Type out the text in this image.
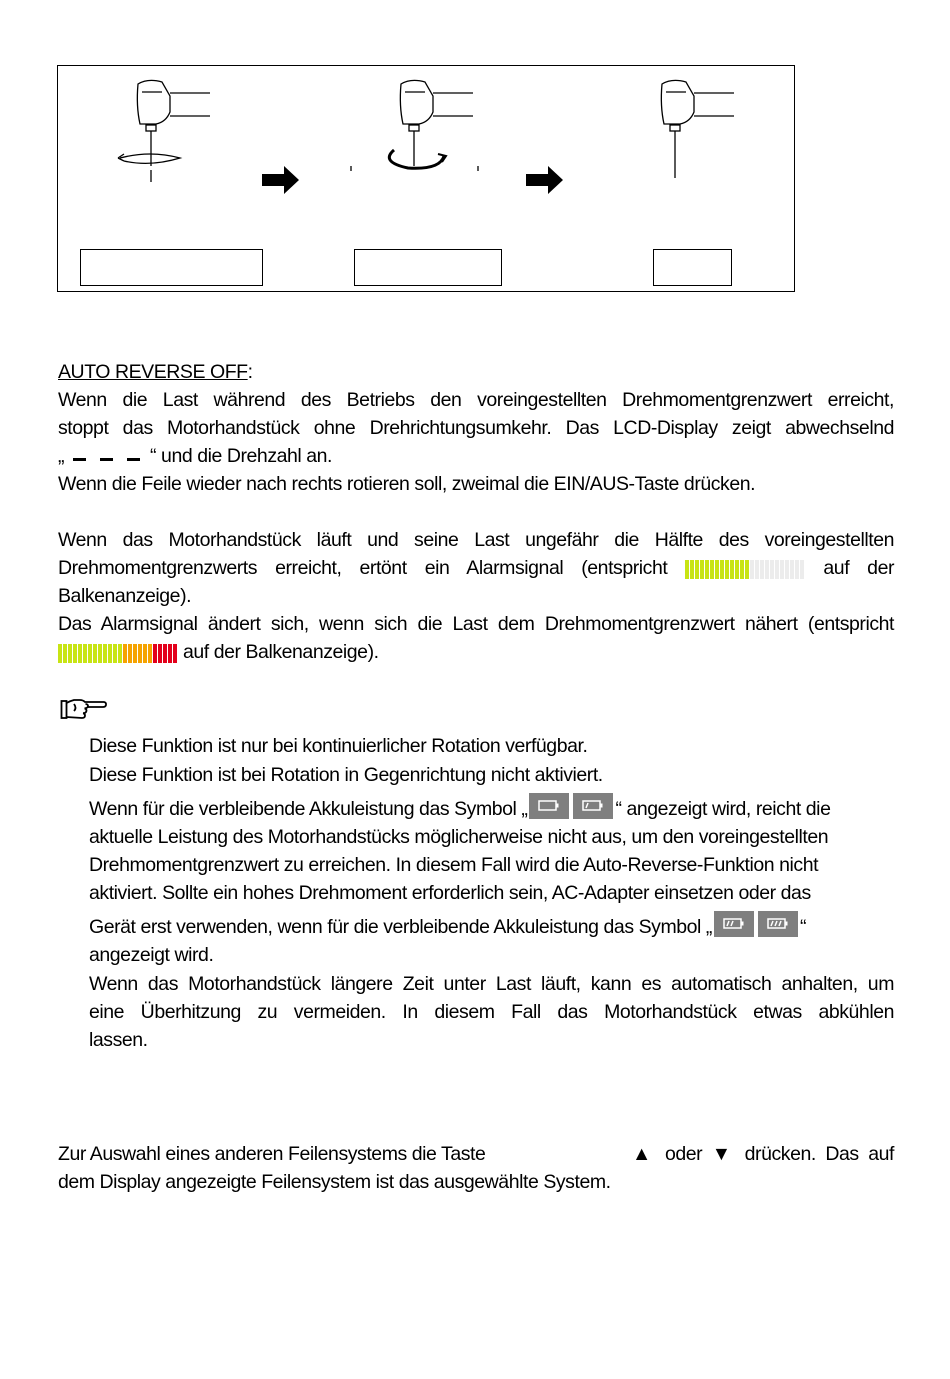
AUTO REVERSE OFF:
Wenn die Last während des Betriebs den voreingestellten Drehmomentgrenzwert erreicht,
stoppt das Motorhandstück ohne Drehrichtungsumkehr. Das LCD-Display zeigt abwechselnd
„	“ und die Drehzahl an.
Wenn die Feile wieder nach rechts rotieren soll, zweimal die EIN/AUS-Taste drücken.
Wenn das Motorhandstück läuft und seine Last ungefähr die Hälfte des voreingestellten
Drehmomentgrenzwerts erreicht, ertönt ein Alarmsignal (entspricht	auf der
Balkenanzeige).
Das Alarmsignal ändert sich, wenn sich die Last dem Drehmomentgrenzwert nähert (entspricht
auf der Balkenanzeige).
Diese Funktion ist nur bei kontinuierlicher Rotation verfügbar.
Diese Funktion ist bei Rotation in Gegenrichtung nicht aktiviert.
Wenn für die verbleibende Akkuleistung das Symbol „	“ angezeigt wird, reicht die
aktuelle Leistung des Motorhandstücks möglicherweise nicht aus, um den voreingestellten
Drehmomentgrenzwert zu erreichen. In diesem Fall wird die Auto-Reverse-Funktion nicht
aktiviert. Sollte ein hohes Drehmoment erforderlich sein, AC-Adapter einsetzen oder das
Gerät erst verwenden, wenn für die verbleibende Akkuleistung das Symbol „	“
angezeigt wird.
Wenn das Motorhandstück längere Zeit unter Last läuft, kann es automatisch anhalten, um
eine Überhitzung zu vermeiden. In diesem Fall das Motorhandstück etwas abkühlen
lassen.
Zur Auswahl eines anderen Feilensystems die Taste	▲ oder ▼ drücken. Das auf
dem Display angezeigte Feilensystem ist das ausgewählte System.
